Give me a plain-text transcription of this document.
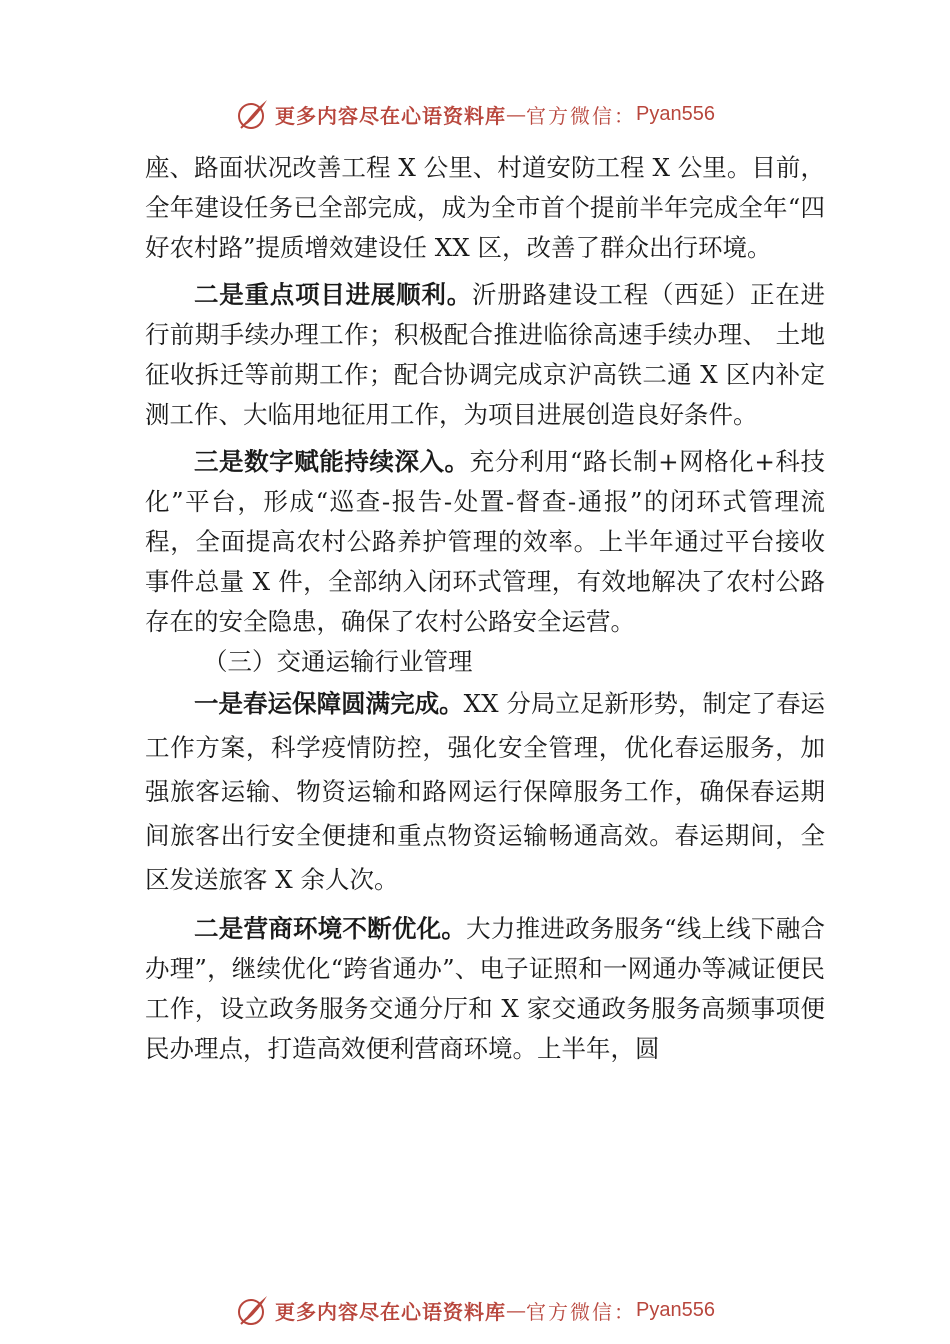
更多内容尽在心语资料库 — 官方微信： Pyan556

座、路面状况改善工程 X 公里、村道安防工程 X 公里。目前，全年建设任务已全部完成，成为全市首个提前半年完成全年“四好农村路”提质增效建设任 XX 区，改善了群众出行环境。

二是重点项目进展顺利。沂册路建设工程（西延）正在进行前期手续办理工作；积极配合推进临徐高速手续办理、 土地征收拆迁等前期工作；配合协调完成京沪高铁二通 X 区内补定测工作、大临用地征用工作，为项目进展创造良好条件。

三是数字赋能持续深入。充分利用“路长制+网格化+科技化”平台，形成“巡查-报告-处置-督查-通报”的闭环式管理流程，全面提高农村公路养护管理的效率。上半年通过平台接收事件总量 X 件，全部纳入闭环式管理，有效地解决了农村公路存在的安全隐患，确保了农村公路安全运营。

（三）交通运输行业管理

一是春运保障圆满完成。XX 分局立足新形势，制定了春运工作方案，科学疫情防控，强化安全管理，优化春运服务，加强旅客运输、物资运输和路网运行保障服务工作，确保春运期间旅客出行安全便捷和重点物资运输畅通高效。春运期间，全区发送旅客 X 余人次。

二是营商环境不断优化。大力推进政务服务“线上线下融合办理”，继续优化“跨省通办”、电子证照和一网通办等减证便民工作，设立政务服务交通分厅和 X 家交通政务服务高频事项便民办理点，打造高效便利营商环境。上半年，圆

更多内容尽在心语资料库 — 官方微信： Pyan556
